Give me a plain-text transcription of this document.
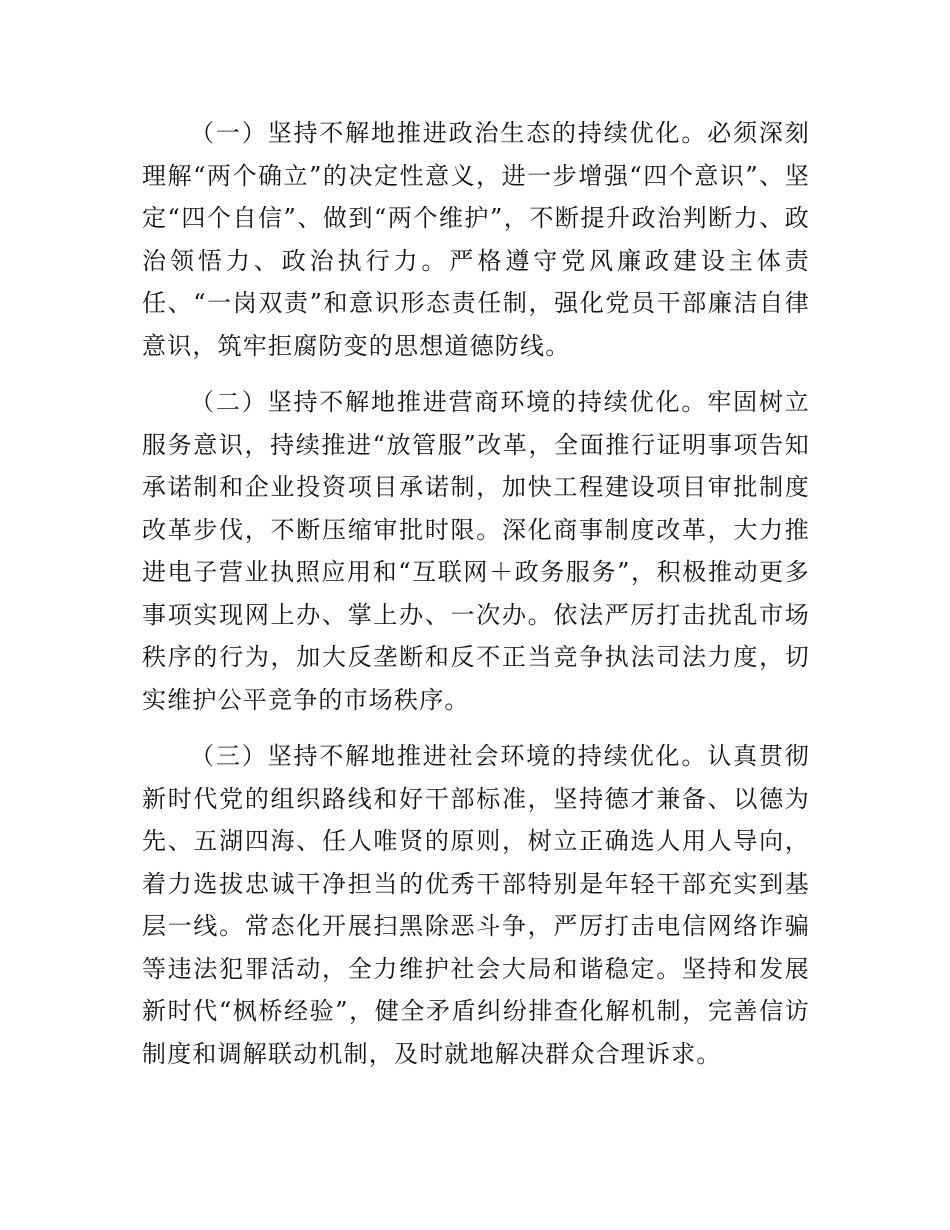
（一）坚持不解地推进政治生态的持续优化。必须深刻理解“两个确立”的决定性意义，进一步增强“四个意识”、坚定“四个自信”、做到“两个维护”，不断提升政治判断力、政治领悟力、政治执行力。严格遵守党风廉政建设主体责任、“一岗双责”和意识形态责任制，强化党员干部廉洁自律意识，筑牢拒腐防变的思想道德防线。

（二）坚持不解地推进营商环境的持续优化。牢固树立服务意识，持续推进“放管服”改革，全面推行证明事项告知承诺制和企业投资项目承诺制，加快工程建设项目审批制度改革步伐，不断压缩审批时限。深化商事制度改革，大力推进电子营业执照应用和“互联网＋政务服务”，积极推动更多事项实现网上办、掌上办、一次办。依法严厉打击扰乱市场秩序的行为，加大反垄断和反不正当竞争执法司法力度，切实维护公平竞争的市场秩序。

（三）坚持不解地推进社会环境的持续优化。认真贯彻新时代党的组织路线和好干部标准，坚持德才兼备、以德为先、五湖四海、任人唯贤的原则，树立正确选人用人导向，着力选拔忠诚干净担当的优秀干部特别是年轻干部充实到基层一线。常态化开展扫黑除恶斗争，严厉打击电信网络诈骗等违法犯罪活动，全力维护社会大局和谐稳定。坚持和发展新时代“枫桥经验”，健全矛盾纠纷排查化解机制，完善信访制度和调解联动机制，及时就地解决群众合理诉求。
